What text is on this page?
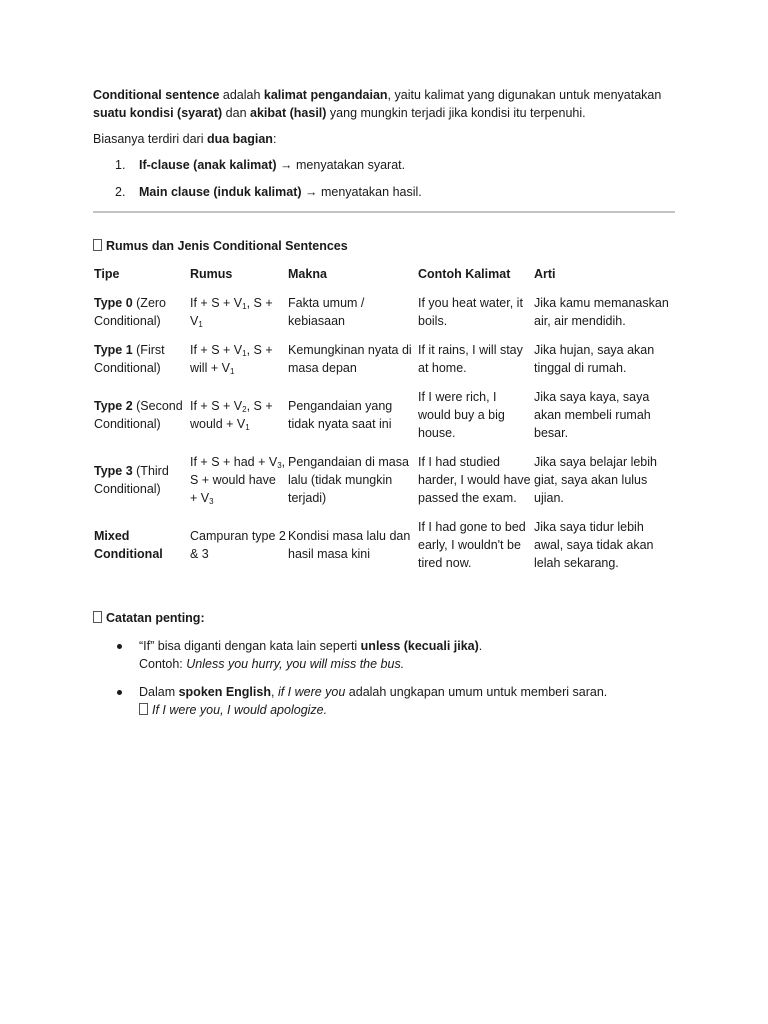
Conditional sentence adalah kalimat pengandaian, yaitu kalimat yang digunakan untuk menyatakan suatu kondisi (syarat) dan akibat (hasil) yang mungkin terjadi jika kondisi itu terpenuhi.

Biasanya terdiri dari dua bagian:

1. If-clause (anak kalimat) → menyatakan syarat.
2. Main clause (induk kalimat) → menyatakan hasil.

Rumus dan Jenis Conditional Sentences

Tipe	Rumus	Makna	Contoh Kalimat	Arti
Type 0 (Zero Conditional)	$If + S + V_1$, $S + V_1$	Fakta umum / kebiasaan	If you heat water, it boils.	Jika kamu memanaskan air, air mendidih.
Type 1 (First Conditional)	$If + S + V_1$, S + will + $V_1$	Kemungkinan nyata di masa depan	If it rains, I will stay at home.	Jika hujan, saya akan tinggal di rumah.
Type 2 (Second Conditional)	$If + S + V_2$, S + would + $V_1$	Pengandaian yang tidak nyata saat ini	If I were rich, I would buy a big house.	Jika saya kaya, saya akan membeli rumah besar.
Type 3 (Third Conditional)	If + S + had + $V_3$, S + would have + $V_3$	Pengandaian di masa lalu (tidak mungkin terjadi)	If I had studied harder, I would have passed the exam.	Jika saya belajar lebih giat, saya akan lulus ujian.
Mixed Conditional	Campuran type 2 & 3	Kondisi masa lalu dan hasil masa kini	If I had gone to bed early, I wouldn't be tired now.	Jika saya tidur lebih awal, saya tidak akan lelah sekarang.

Catatan penting:

“If” bisa diganti dengan kata lain seperti unless (kecuali jika).
Contoh: Unless you hurry, you will miss the bus.
Dalam spoken English, if I were you adalah ungkapan umum untuk memberi saran.
If I were you, I would apologize.
